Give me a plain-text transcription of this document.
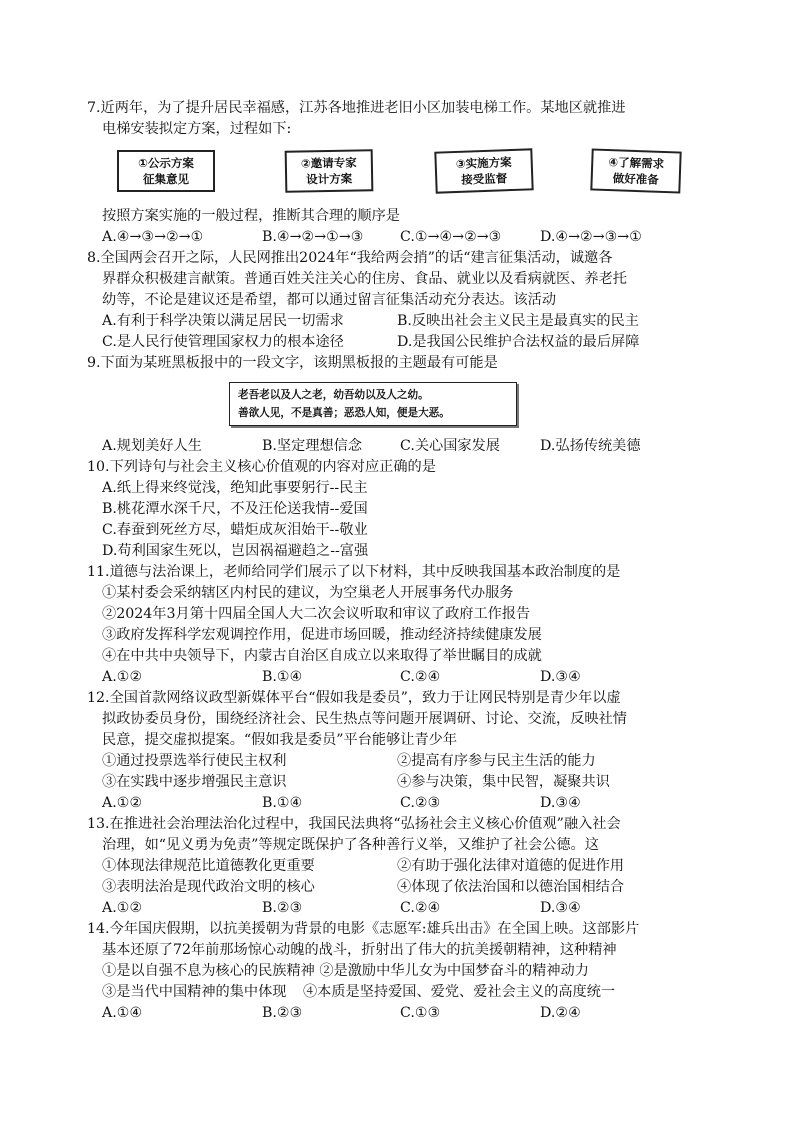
7.近两年，为了提升居民幸福感，江苏各地推进老旧小区加装电梯工作。某地区就推进
电梯安装拟定方案，过程如下:
①公示方案
征集意见
②邀请专家
设计方案
③实施方案
接受监督
④了解需求
做好准备
按照方案实施的一般过程，推断其合理的顺序是
A.④→③→②→①	B.④→②→①→③	C.①→④→②→③	D.④→②→③→①
8.全国两会召开之际，人民网推出2024年“我给两会捎”的话“建言征集活动，诚邀各
界群众积极建言献策。普通百姓关注关心的住房、食品、就业以及看病就医、养老托
幼等，不论是建议还是希望，都可以通过留言征集活动充分表达。该活动
A.有利于科学决策以满足居民一切需求	B.反映出社会主义民主是最真实的民主
C.是人民行使管理国家权力的根本途径	D.是我国公民维护合法权益的最后屏障
9.下面为某班黑板报中的一段文字，该期黑板报的主题最有可能是
老吾老以及人之老，幼吾幼以及人之幼。
善欲人见，不是真善；恶恐人知，便是大恶。
A.规划美好人生	B.坚定理想信念	C.关心国家发展	D.弘扬传统美德
10.下列诗句与社会主义核心价值观的内容对应正确的是
A.纸上得来终觉浅，绝知此事要躬行--民主
B.桃花潭水深千尺，不及汪伦送我情--爱国
C.春蚕到死丝方尽，蜡炬成灰泪始干--敬业
D.苟利国家生死以，岂因祸福避趋之--富强
11.道德与法治课上，老师给同学们展示了以下材料，其中反映我国基本政治制度的是
①某村委会采纳辖区内村民的建议，为空巢老人开展事务代办服务
②2024年3月第十四届全国人大二次会议听取和审议了政府工作报告
③政府发挥科学宏观调控作用，促进市场回暖，推动经济持续健康发展
④在中共中央领导下，内蒙古自治区自成立以来取得了举世瞩目的成就
A.①②	B.①④	C.②④	D.③④
12.全国首款网络议政型新媒体平台“假如我是委员”，致力于让网民特别是青少年以虚
拟政协委员身份，围绕经济社会、民生热点等问题开展调研、讨论、交流，反映社情
民意，提交虚拟提案。“假如我是委员”平台能够让青少年
①通过投票选举行使民主权利	②提高有序参与民主生活的能力
③在实践中逐步增强民主意识	④参与决策，集中民智，凝聚共识
A.①②	B.①④	C.②③	D.③④
13.在推进社会治理法治化过程中，我国民法典将“弘扬社会主义核心价值观”融入社会
治理，如“见义勇为免责”等规定既保护了各种善行义举，又维护了社会公德。这
①体现法律规范比道德教化更重要	②有助于强化法律对道德的促进作用
③表明法治是现代政治文明的核心	④体现了依法治国和以德治国相结合
A.①②	B.②③	C.②④	D.③④
14.今年国庆假期，以抗美援朝为背景的电影《志愿军:雄兵出击》在全国上映。这部影片
基本还原了72年前那场惊心动魄的战斗，折射出了伟大的抗美援朝精神，这种精神
①是以自强不息为核心的民族精神 ②是激励中华儿女为中国梦奋斗的精神动力
③是当代中国精神的集中体现 ④本质是坚持爱国、爱党、爱社会主义的高度统一
A.①④	B.②③	C.①③	D.②④
